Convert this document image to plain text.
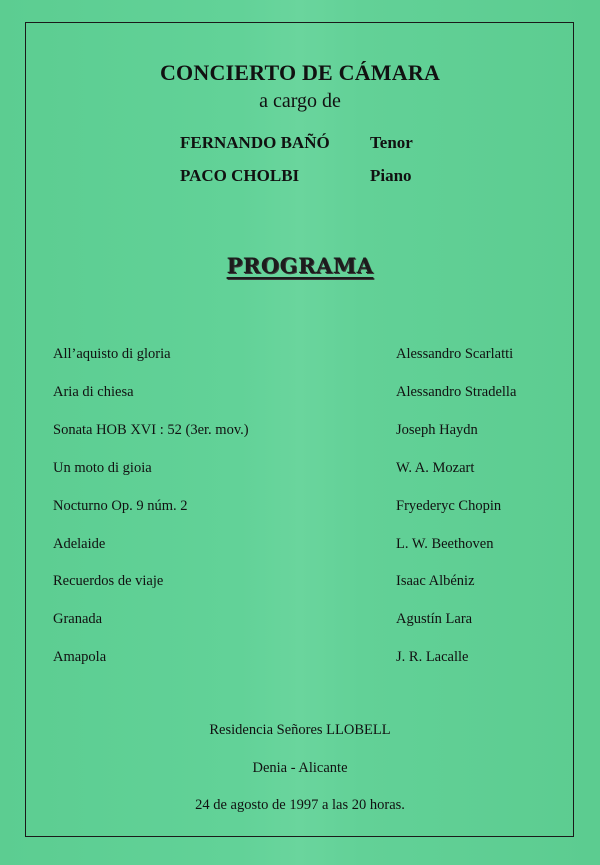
CONCIERTO DE CÁMARA
a cargo de
FERNANDO BAÑÓ Tenor
PACO CHOLBI	Piano
PROGRAMA
All’aquisto di gloria	Alessandro Scarlatti
Aria di chiesa	Alessandro Stradella
Sonata HOB XVI : 52 (3er. mov.)	Joseph Haydn
Un moto di gioia	W. A. Mozart
Nocturno Op. 9 núm. 2	Fryederyc Chopin
Adelaide	L. W. Beethoven
Recuerdos de viaje	Isaac Albéniz
Granada	Agustín Lara
Amapola	J. R. Lacalle
Residencia Señores LLOBELL
Denia - Alicante
24 de agosto de 1997 a las 20 horas.
